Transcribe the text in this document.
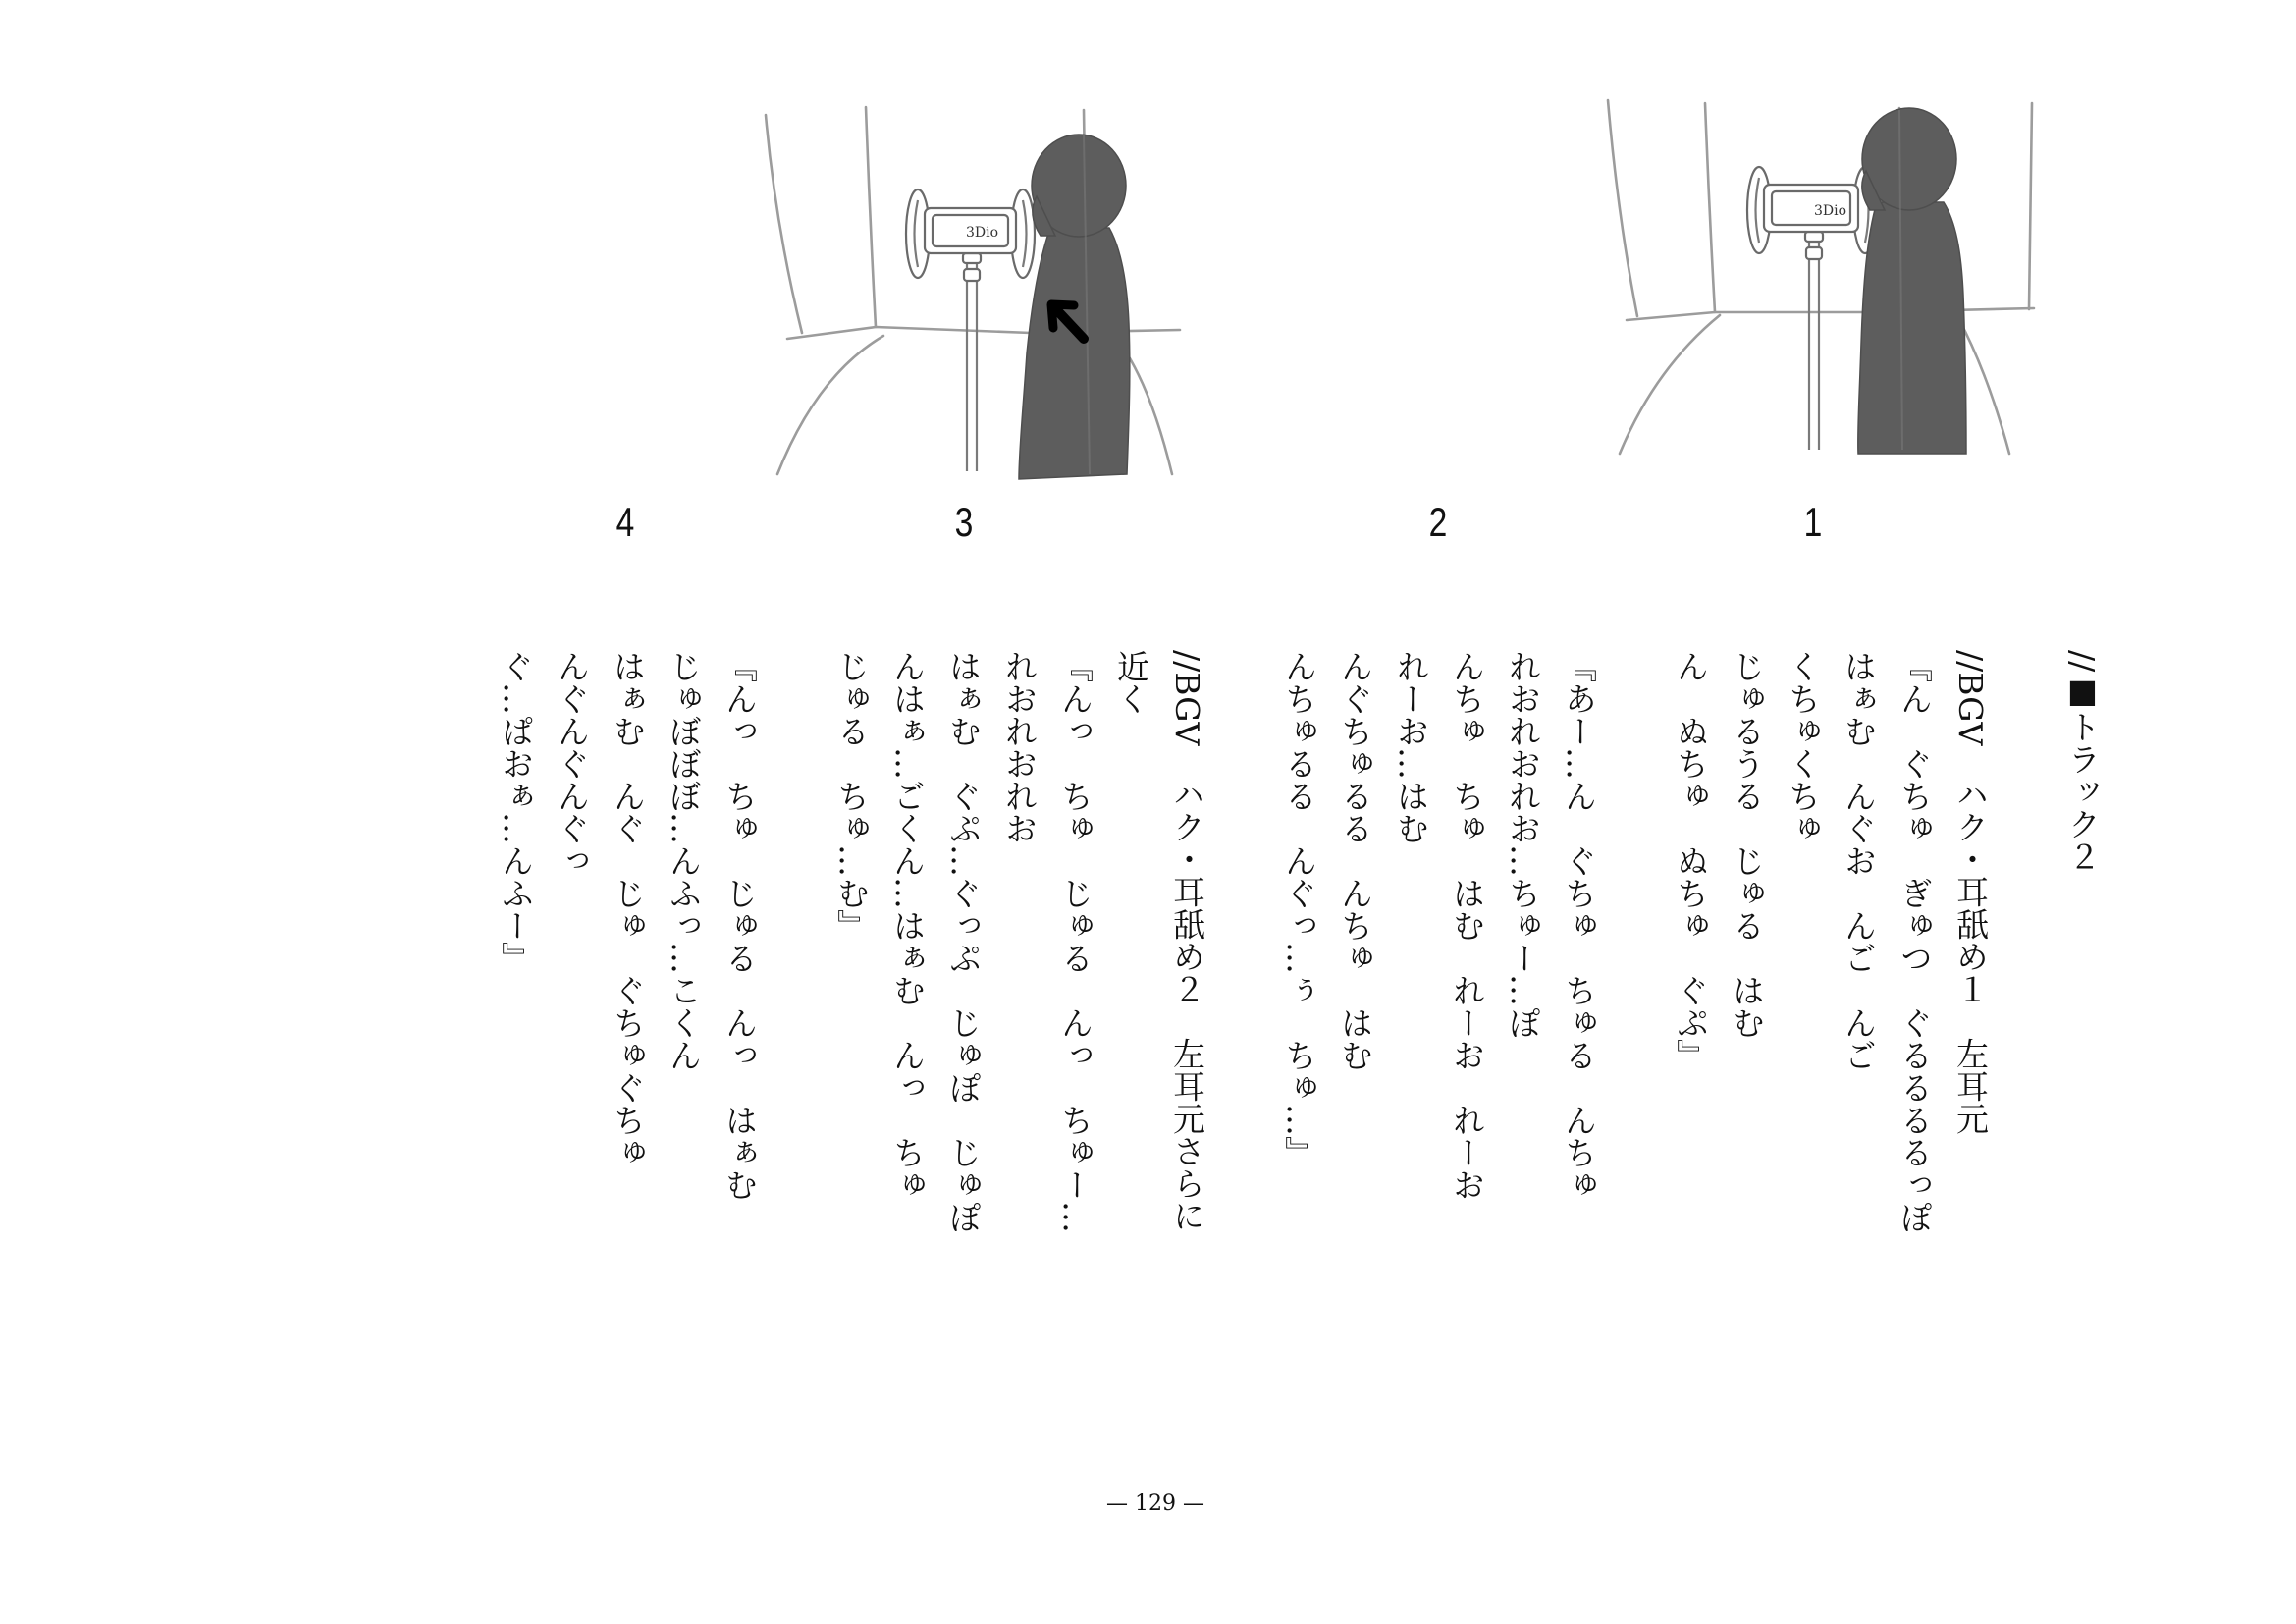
3Dio
3Dio
4	3	2	1
//■トラック２
//BGV　ハク・耳舐め１　左耳元
『ん　ぐちゅ　ぎゅつ　ぐるるるるっぽ
はぁむ　んぐお　んご　んご
くちゅくちゅ
じゅるうる　じゅる　はむ
ん　ぬちゅ　ぬちゅ　ぐぷ』
『あー…ん　ぐちゅ　ちゅる　んちゅ
れおれおれお…ちゅー…ぽ
んちゅ　ちゅ　はむ　れーお　れーお
れーお…はむ
んぐちゅるる　んちゅ　はむ
んちゅるる　んぐっ…ぅ　ちゅ…』
//BGV　ハク・耳舐め２　左耳元さらに
近く
『んっ　ちゅ　じゅる　んっ　ちゅー…
れおれおれお
はぁむ　ぐぷ…ぐっぷ　じゅぽ　じゅぽ
んはぁ…ごくん…はぁむ　んっ　ちゅ
じゅる　ちゅ…む』
『んっ　ちゅ　じゅる　んっ　はぁむ
じゅぼぼぼ…んふっ…こくん
はぁむ　んぐ　じゅ　ぐちゅぐちゅ
んぐんぐんぐっ
ぐ…ぱおぁ…んふー』
— 129 —
